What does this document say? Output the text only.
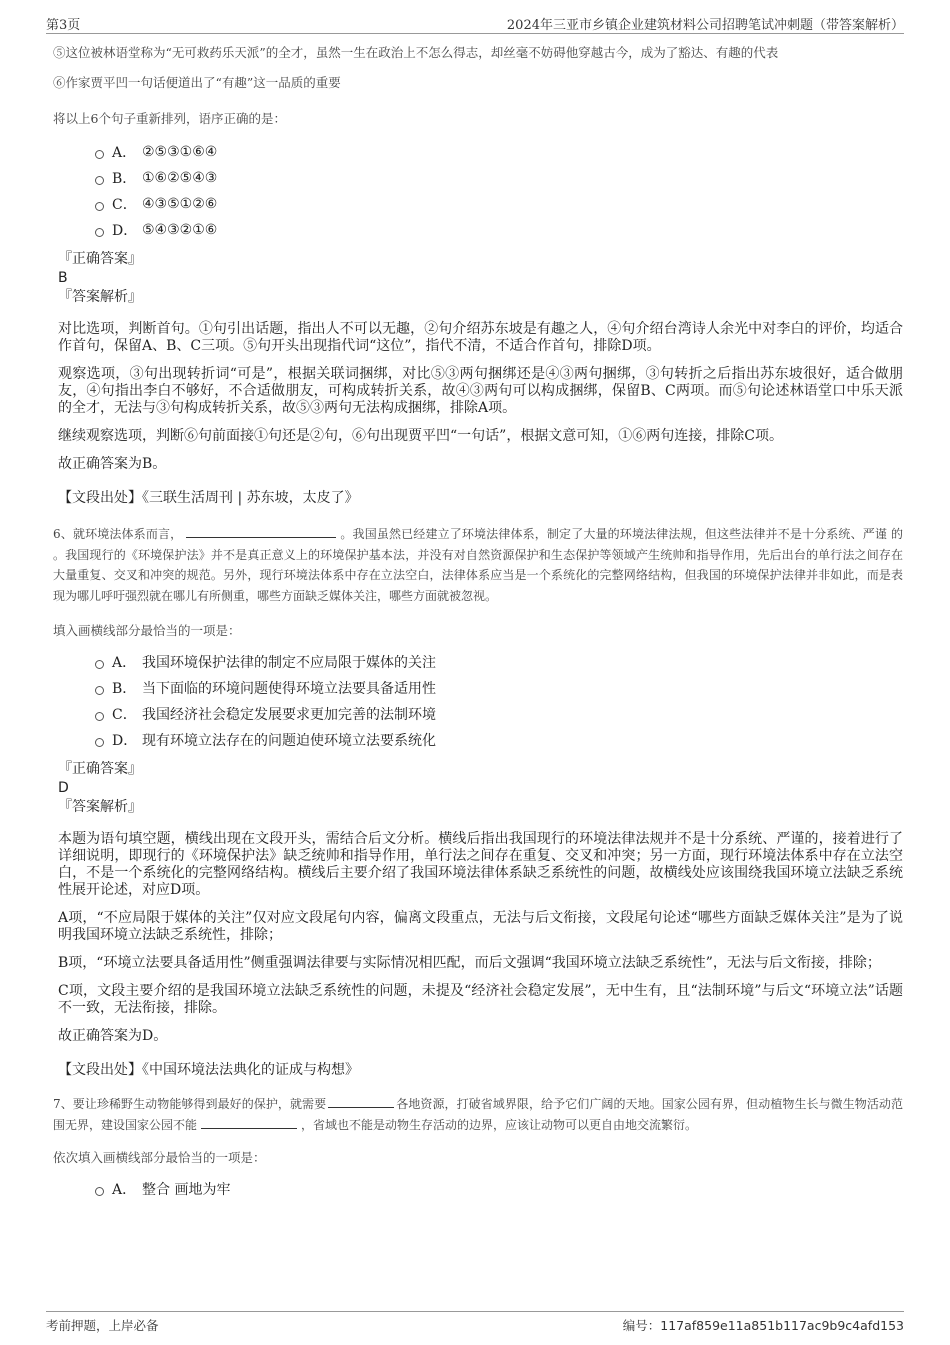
第3页	2024年三亚市乡镇企业建筑材料公司招聘笔试冲刺题（带答案解析）

⑤这位被林语堂称为“无可救药乐天派”的全才，虽然一生在政治上不怎么得志，却丝毫不妨碍他穿越古今，成为了豁达、有趣的代表

⑥作家贾平凹一句话便道出了“有趣”这一品质的重要

将以上6个句子重新排列，语序正确的是：

A． ②⑤③①⑥④
B． ①⑥②⑤④③
C． ④③⑤①②⑥
D． ⑤④③②①⑥
『正确答案』
B
『答案解析』

对比选项，判断首句。①句引出话题，指出人不可以无趣，②句介绍苏东坡是有趣之人，④句介绍台湾诗人余光中对李白的评价，均适合作首句，保留A、B、C三项。⑤句开头出现指代词“这位”，指代不清，不适合作首句，排除D项。

观察选项，③句出现转折词“可是”，根据关联词捆绑，对比⑤③两句捆绑还是④③两句捆绑，③句转折之后指出苏东坡很好，适合做朋友，④句指出李白不够好，不合适做朋友，可构成转折关系，故④③两句可以构成捆绑，保留B、C两项。而⑤句论述林语堂口中乐天派的全才，无法与③句构成转折关系，故⑤③两句无法构成捆绑，排除A项。

继续观察选项，判断⑥句前面接①句还是②句，⑥句出现贾平凹“一句话”，根据文意可知，①⑥两句连接，排除C项。

故正确答案为B。

【文段出处】《三联生活周刊 | 苏东坡，太皮了》

6、就环境法体系而言，	。我国虽然已经建立了环境法律体系，制定了大量的环境法律法规，但这些法律并不是十分系统、严谨 的 。我国现行的《环境保护法》并不是真正意义上的环境保护基本法，并没有对自然资源保护和生态保护等领域产生统帅和指导作用，先后出台的单行法之间存在大量重复、交叉和冲突的规范。另外，现行环境法体系中存在立法空白，法律体系应当是一个系统化的完整网络结构，但我国的环境保护法律并非如此，而是表现为哪儿呼吁强烈就在哪儿有所侧重，哪些方面缺乏媒体关注，哪些方面就被忽视。

填入画横线部分最恰当的一项是：

A． 我国环境保护法律的制定不应局限于媒体的关注
B． 当下面临的环境问题使得环境立法要具备适用性
C． 我国经济社会稳定发展要求更加完善的法制环境
D． 现有环境立法存在的问题迫使环境立法要系统化
『正确答案』
D
『答案解析』

本题为语句填空题，横线出现在文段开头，需结合后文分析。横线后指出我国现行的环境法律法规并不是十分系统、严谨的，接着进行了详细说明，即现行的《环境保护法》缺乏统帅和指导作用，单行法之间存在重复、交叉和冲突；另一方面，现行环境法体系中存在立法空白，不是一个系统化的完整网络结构。横线后主要介绍了我国环境法律体系缺乏系统性的问题，故横线处应该围绕我国环境立法缺乏系统性展开论述，对应D项。

A项，“不应局限于媒体的关注”仅对应文段尾句内容，偏离文段重点，无法与后文衔接，文段尾句论述“哪些方面缺乏媒体关注”是为了说明我国环境立法缺乏系统性，排除；

B项，“环境立法要具备适用性”侧重强调法律要与实际情况相匹配，而后文强调“我国环境立法缺乏系统性”，无法与后文衔接，排除；

C项，文段主要介绍的是我国环境立法缺乏系统性的问题，未提及“经济社会稳定发展”，无中生有，且“法制环境”与后文“环境立法”话题不一致，无法衔接，排除。

故正确答案为D。

【文段出处】《中国环境法法典化的证成与构想》

7、要让珍稀野生动物能够得到最好的保护，就需要	各地资源，打破省域界限，给予它们广阔的天地。国家公园有界，但动植物生长与微生物活动范围无界，建设国家公园不能	，省域也不能是动物生存活动的边界，应该让动物可以更自由地交流繁衍。

依次填入画横线部分最恰当的一项是：

A． 整合 画地为牢
考前押题，上岸必备	编号：117af859e11a851b117ac9b9c4afd153
